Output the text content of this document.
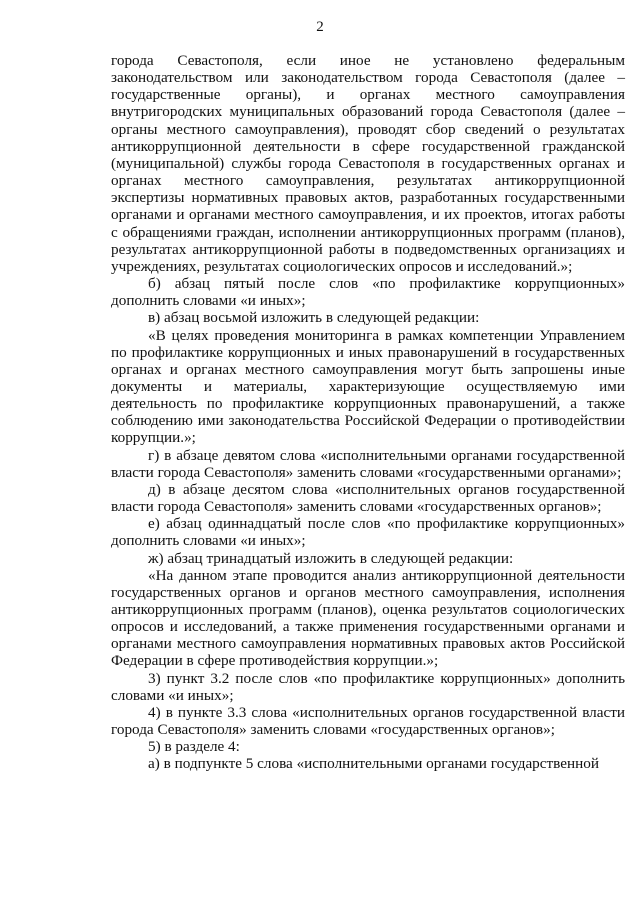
2

города Севастополя, если иное не установлено федеральным законодательством или законодательством города Севастополя (далее – государственные органы), и органах местного самоуправления внутригородских муниципальных образований города Севастополя (далее – органы местного самоуправления), проводят сбор сведений о результатах антикоррупционной деятельности в сфере государственной гражданской (муниципальной) службы города Севастополя в государственных органах и органах местного самоуправления, результатах антикоррупционной экспертизы нормативных правовых актов, разработанных государственными органами и органами местного самоуправления, и их проектов, итогах работы с обращениями граждан, исполнении антикоррупционных программ (планов), результатах антикоррупционной работы в подведомственных организациях и учреждениях, результатах социологических опросов и исследований.»;

б) абзац пятый после слов «по профилактике коррупционных» дополнить словами «и иных»;

в) абзац восьмой изложить в следующей редакции:

«В целях проведения мониторинга в рамках компетенции Управлением по профилактике коррупционных и иных правонарушений в государственных органах и органах местного самоуправления могут быть запрошены иные документы и материалы, характеризующие осуществляемую ими деятельность по профилактике коррупционных правонарушений, а также соблюдению ими законодательства Российской Федерации о противодействии коррупции.»;

г) в абзаце девятом слова «исполнительными органами государственной власти города Севастополя» заменить словами «государственными органами»;

д) в абзаце десятом слова «исполнительных органов государственной власти города Севастополя» заменить словами «государственных органов»;

е) абзац одиннадцатый после слов «по профилактике коррупционных» дополнить словами «и иных»;

ж) абзац тринадцатый изложить в следующей редакции:

«На данном этапе проводится анализ антикоррупционной деятельности государственных органов и органов местного самоуправления, исполнения антикоррупционных программ (планов), оценка результатов социологических опросов и исследований, а также применения государственными органами и органами местного самоуправления нормативных правовых актов Российской Федерации в сфере противодействия коррупции.»;

3) пункт 3.2 после слов «по профилактике коррупционных» дополнить словами «и иных»;

4) в пункте 3.3 слова «исполнительных органов государственной власти города Севастополя» заменить словами «государственных органов»;

5) в разделе 4:

а) в подпункте 5 слова «исполнительными органами государственной
